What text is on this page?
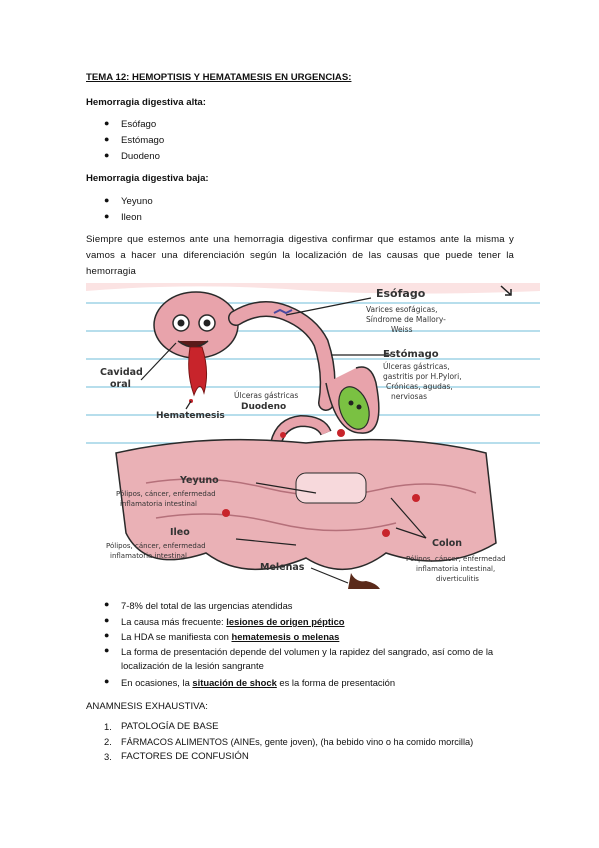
TEMA 12: HEMOPTISIS Y HEMATAMESIS EN URGENCIAS:
Hemorragia digestiva alta:
● Esófago
● Estómago
● Duodeno
Hemorragia digestiva baja:
● Yeyuno
● Ileon
Siempre que estemos ante una hemorragia digestiva confirmar que estamos ante la misma y vamos a hacer una diferenciación según la localización de las causas que puede tener la hemorragia
Esófago
Varices esofágicas,
Síndrome de Mallory-
Weiss
Estómago
Úlceras gástricas,
gastritis por H.Pylori,
Crónicas, agudas,
nerviosas
Úlceras gástricas
Duodeno
Cavidad
oral
Hematemesis
Yeyuno
Pólipos, cáncer, enfermedad
inflamatoria intestinal
Ileo
Pólipos, cáncer, enfermedad
inflamatoria intestinal
Colon
Pólipos, cáncer, enfermedad
inflamatoria intestinal,
diverticulitis
Melenas
● 7-8% del total de las urgencias atendidas
● La causa más frecuente: lesiones de origen péptico
● La HDA se manifiesta con hematemesis o melenas
● La forma de presentación depende del volumen y la rapidez del sangrado, así como de la localización de la lesión sangrante
● En ocasiones, la situación de shock es la forma de presentación
ANAMNESIS EXHAUSTIVA:
1. PATOLOGÍA DE BASE
2. FÁRMACOS ALIMENTOS (AINEs, gente joven), (ha bebido vino o ha comido morcilla)
3. FACTORES DE CONFUSIÓN
